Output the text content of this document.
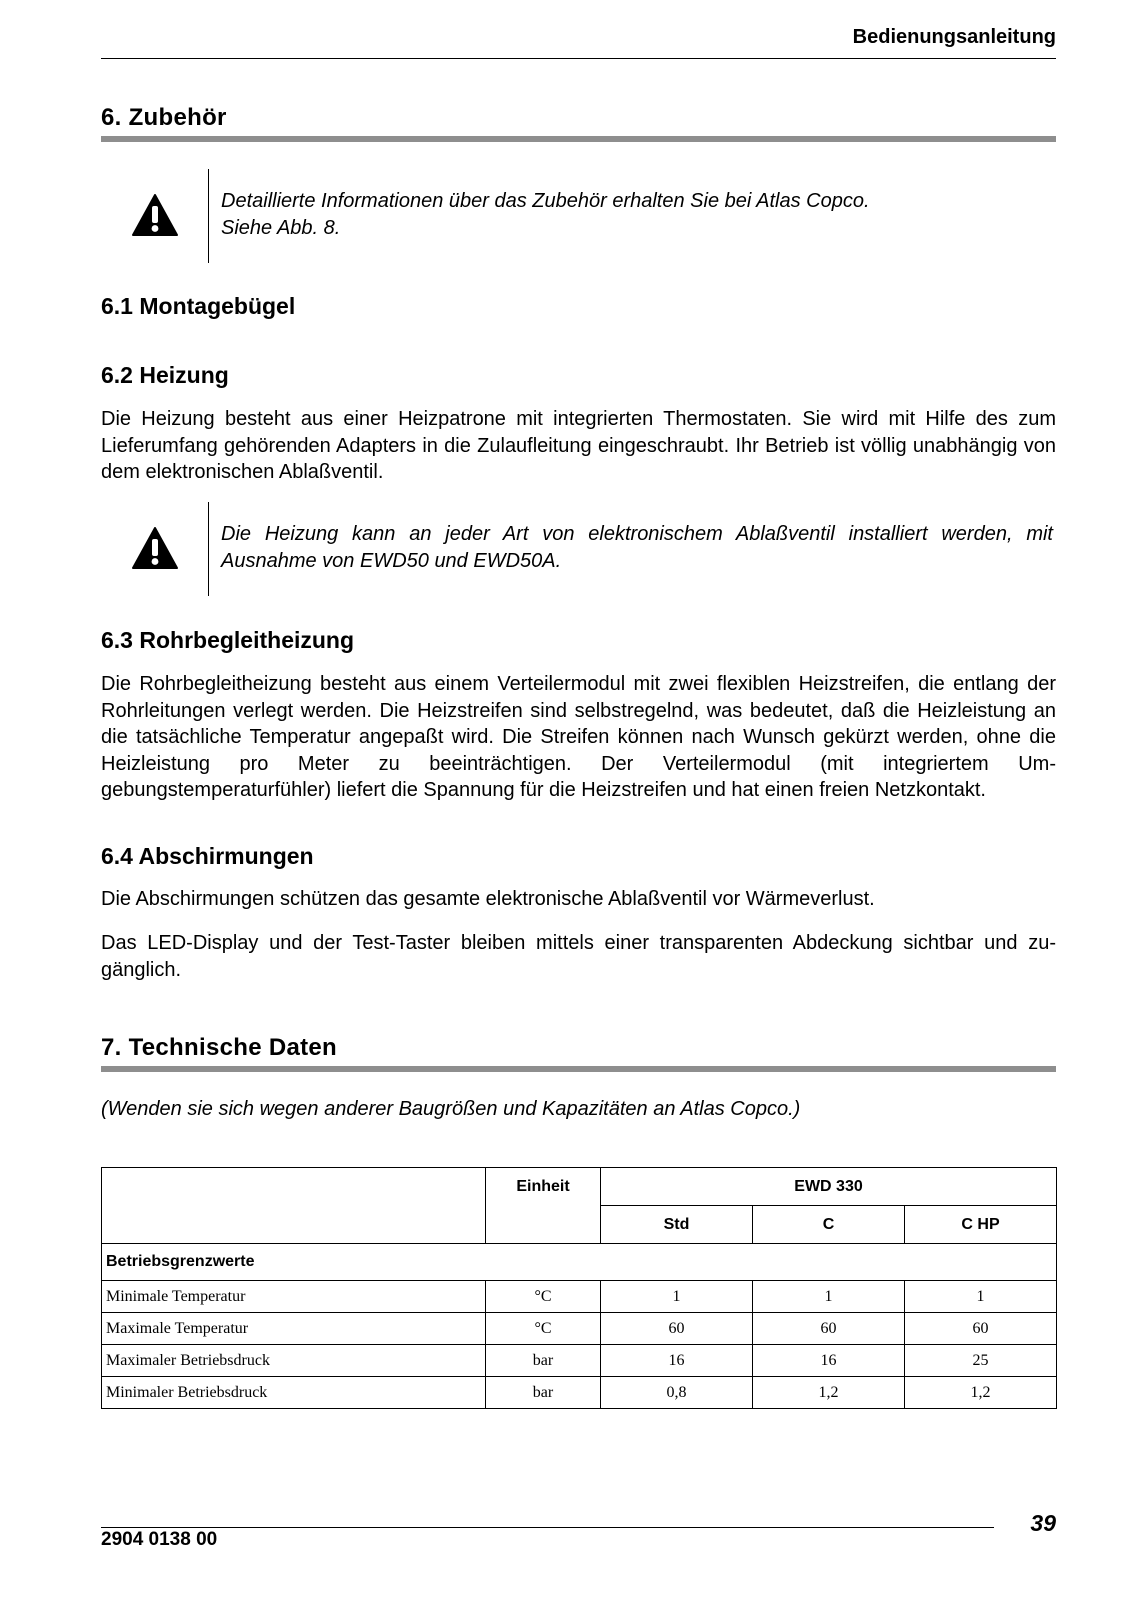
Bedienungsanleitung
6. Zubehör
Detaillierte Informationen über das Zubehör erhalten Sie bei Atlas Copco.
Siehe Abb. 8.
6.1 Montagebügel
6.2 Heizung
Die Heizung besteht aus einer Heizpatrone mit integrierten Thermostaten. Sie wird mit Hilfe des zum Lieferumfang gehörenden Adapters in die Zulaufleitung eingeschraubt. Ihr Betrieb ist völlig unabhängig von dem elektronischen Ablaßventil.
Die Heizung kann an jeder Art von elektronischem Ablaßventil installiert werden, mit Ausnahme von EWD50 und EWD50A.
6.3 Rohrbegleitheizung
Die Rohrbegleitheizung besteht aus einem Verteilermodul mit zwei flexiblen Heizstreifen, die entlang der Rohrleitungen verlegt werden. Die Heizstreifen sind selbstregelnd, was bedeutet, daß die Heizleistung an die tatsächliche Temperatur angepaßt wird. Die Streifen können nach Wunsch gekürzt werden, ohne die Heizleistung pro Meter zu beeinträchtigen. Der Verteilermodul (mit integriertem Umgebungstemperaturfühler) liefert die Spannung für die Heizstreifen und hat einen freien Netzkontakt.
6.4 Abschirmungen
Die Abschirmungen schützen das gesamte elektronische Ablaßventil vor Wärmeverlust.
Das LED-Display und der Test-Taster bleiben mittels einer transparenten Abdeckung sichtbar und zugänglich.
7. Technische Daten
(Wenden sie sich wegen anderer Baugrößen und Kapazitäten an Atlas Copco.)
	Einheit	EWD 330		
		Std	C	C HP
Betriebsgrenzwerte				
Minimale Temperatur	°C	1	1	1
Maximale Temperatur	°C	60	60	60
Maximaler Betriebsdruck	bar	16	16	25
Minimaler Betriebsdruck	bar	0,8	1,2	1,2
2904 0138 00
39
